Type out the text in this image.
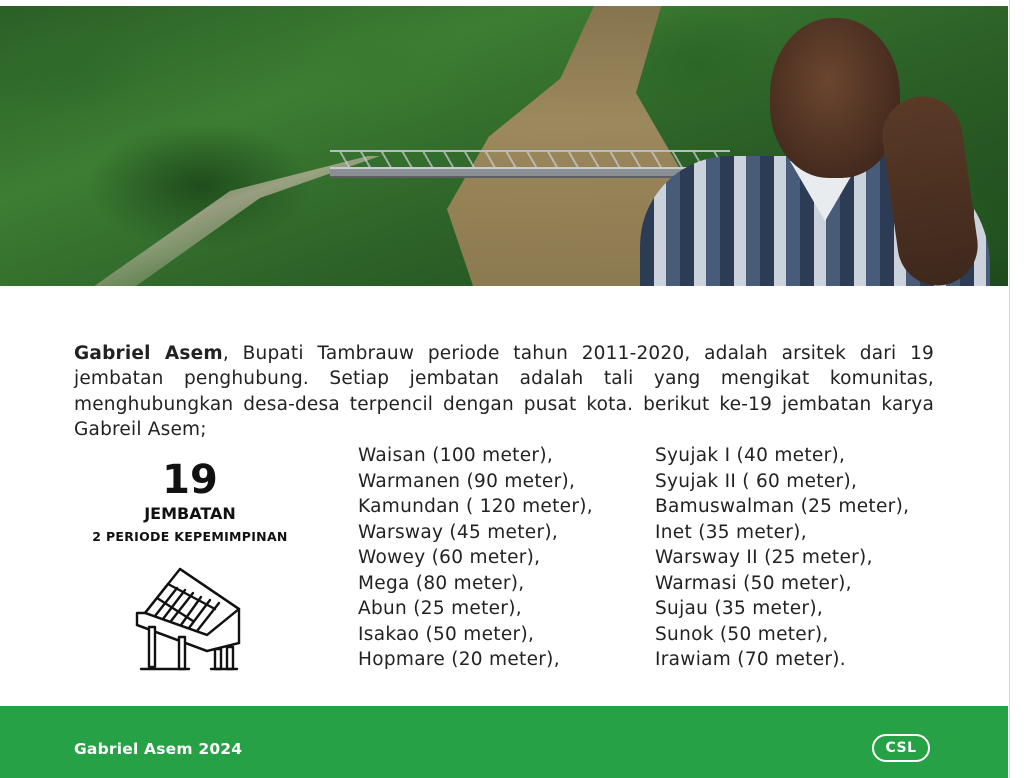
Gabriel Asem, Bupati Tambrauw periode tahun 2011-2020, adalah arsitek dari 19 jembatan penghubung. Setiap jembatan adalah tali yang mengikat komunitas, menghubungkan desa-desa terpencil dengan pusat kota. berikut ke-19 jembatan karya Gabreil Asem;

19
JEMBATAN
2 PERIODE KEPEMIMPINAN
Waisan (100 meter),
Warmanen (90 meter),
Kamundan ( 120 meter),
Warsway (45 meter),
Wowey (60 meter),
Mega (80 meter),
Abun (25 meter),
Isakao (50 meter),
Hopmare (20 meter),
Syujak I (40 meter),
Syujak II ( 60 meter),
Bamuswalman (25 meter),
Inet (35 meter),
Warsway II (25 meter),
Warmasi (50 meter),
Sujau (35 meter),
Sunok (50 meter),
Irawiam (70 meter).
Gabriel Asem 2024	CSL
